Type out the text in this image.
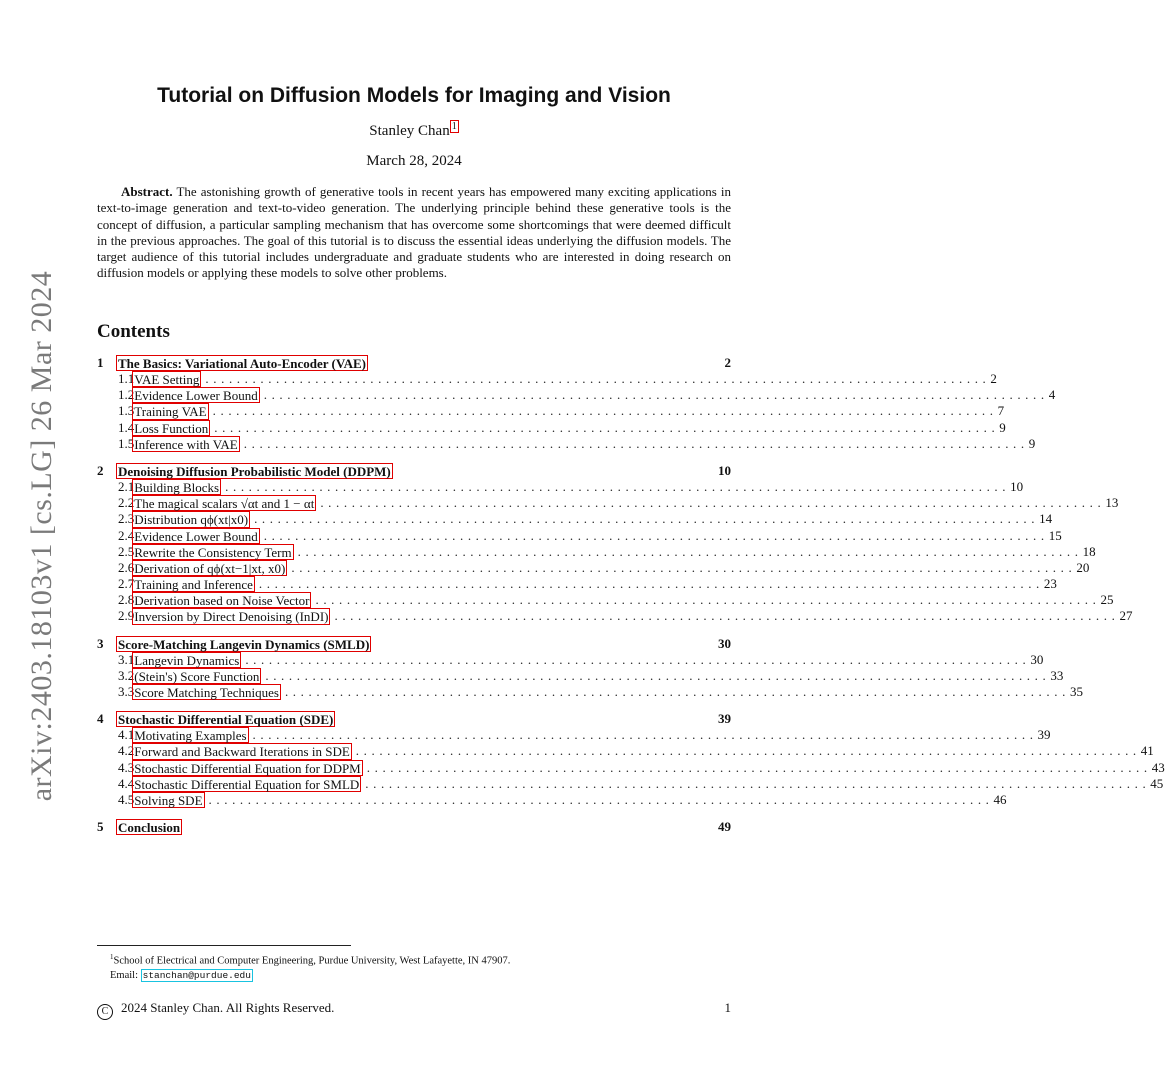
arXiv:2403.18103v1 [cs.LG] 26 Mar 2024
Tutorial on Diffusion Models for Imaging and Vision
Stanley Chan $^1$
March 28, 2024
Abstract. The astonishing growth of generative tools in recent years has empowered many exciting applications in text-to-image generation and text-to-video generation. The underlying principle behind these generative tools is the concept of diffusion, a particular sampling mechanism that has overcome some shortcomings that were deemed difficult in the previous approaches. The goal of this tutorial is to discuss the essential ideas underlying the diffusion models. The target audience of this tutorial includes undergraduate and graduate students who are interested in doing research on diffusion models or applying these models to solve other problems.
Contents
1	The Basics: Variational Auto-Encoder (VAE)	2
1.1 VAE Setting .................................................................................................... 2
1.2 Evidence Lower Bound .................................................................................................... 4
1.3 Training VAE .................................................................................................... 7
1.4 Loss Function .................................................................................................... 9
1.5 Inference with VAE .................................................................................................... 9
2	Denoising Diffusion Probabilistic Model (DDPM)	10
2.1 Building Blocks .................................................................................................... 10
2.2 The magical scalars √αt and 1 − αt .................................................................................................... 13
2.3 Distribution qϕ(xt|x0) .................................................................................................... 14
2.4 Evidence Lower Bound .................................................................................................... 15
2.5 Rewrite the Consistency Term .................................................................................................... 18
2.6 Derivation of qϕ(xt−1|xt, x0) .................................................................................................... 20
2.7 Training and Inference .................................................................................................... 23
2.8 Derivation based on Noise Vector .................................................................................................... 25
2.9 Inversion by Direct Denoising (InDI) .................................................................................................... 27
3	Score-Matching Langevin Dynamics (SMLD)	30
3.1 Langevin Dynamics .................................................................................................... 30
3.2 (Stein's) Score Function .................................................................................................... 33
3.3 Score Matching Techniques .................................................................................................... 35
4	Stochastic Differential Equation (SDE)	39
4.1 Motivating Examples .................................................................................................... 39
4.2 Forward and Backward Iterations in SDE .................................................................................................... 41
4.3 Stochastic Differential Equation for DDPM .................................................................................................... 43
4.4 Stochastic Differential Equation for SMLD .................................................................................................... 45
4.5 Solving SDE .................................................................................................... 46
5	Conclusion	49
$^1$School of Electrical and Computer Engineering, Purdue University, West Lafayette, IN 47907.
Email: stanchan@purdue.edu
C 2024 Stanley Chan. All Rights Reserved.	1
